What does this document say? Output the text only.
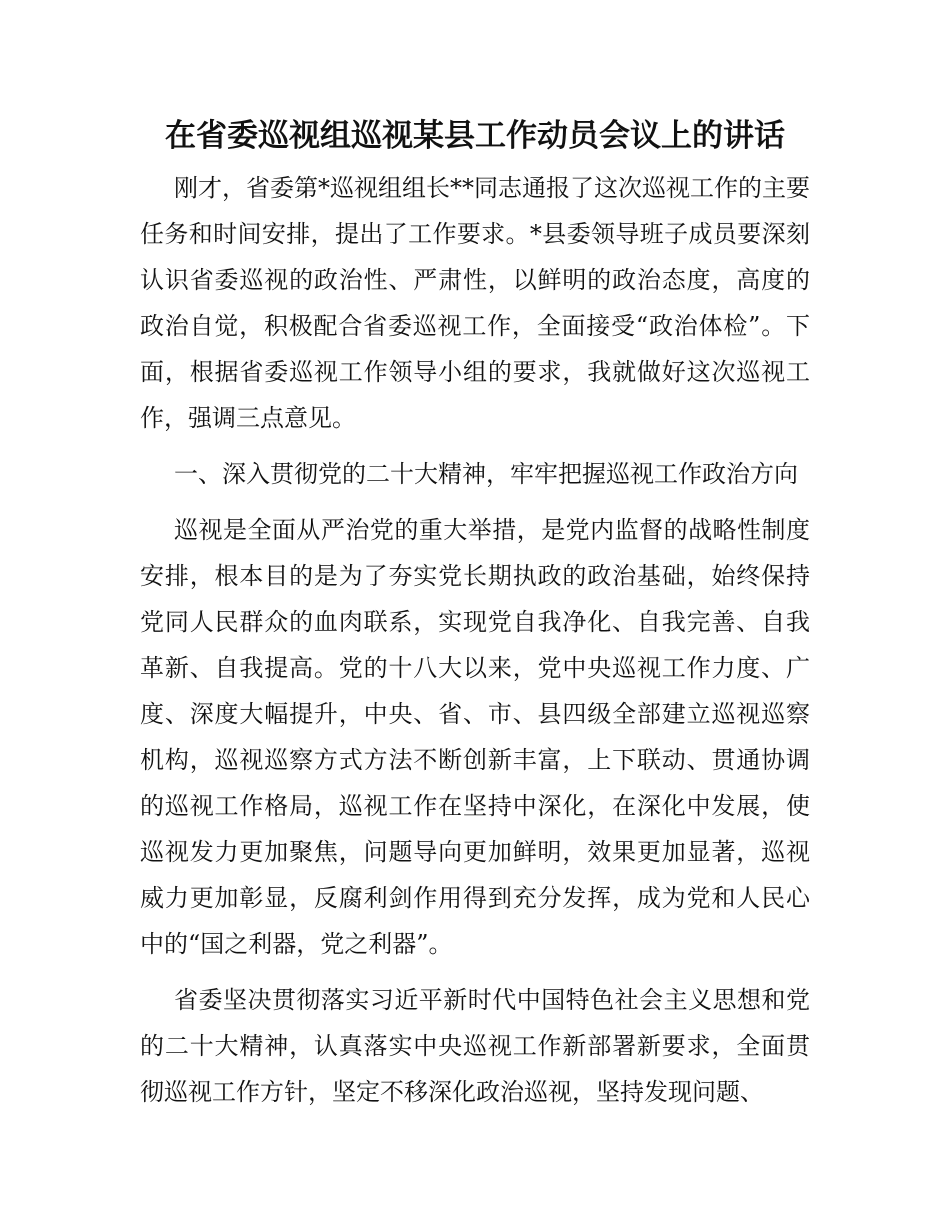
在省委巡视组巡视某县工作动员会议上的讲话

刚才，省委第*巡视组组长**同志通报了这次巡视工作的主要任务和时间安排，提出了工作要求。*县委领导班子成员要深刻认识省委巡视的政治性、严肃性，以鲜明的政治态度，高度的政治自觉，积极配合省委巡视工作，全面接受“政治体检”。下面，根据省委巡视工作领导小组的要求，我就做好这次巡视工作，强调三点意见。

一、深入贯彻党的二十大精神，牢牢把握巡视工作政治方向

巡视是全面从严治党的重大举措，是党内监督的战略性制度安排，根本目的是为了夯实党长期执政的政治基础，始终保持党同人民群众的血肉联系，实现党自我净化、自我完善、自我革新、自我提高。党的十八大以来，党中央巡视工作力度、广度、深度大幅提升，中央、省、市、县四级全部建立巡视巡察机构，巡视巡察方式方法不断创新丰富，上下联动、贯通协调的巡视工作格局，巡视工作在坚持中深化，在深化中发展，使巡视发力更加聚焦，问题导向更加鲜明，效果更加显著，巡视威力更加彰显，反腐利剑作用得到充分发挥，成为党和人民心中的“国之利器，党之利器”。

省委坚决贯彻落实习近平新时代中国特色社会主义思想和党的二十大精神，认真落实中央巡视工作新部署新要求，全面贯彻巡视工作方针，坚定不移深化政治巡视，坚持发现问题、
